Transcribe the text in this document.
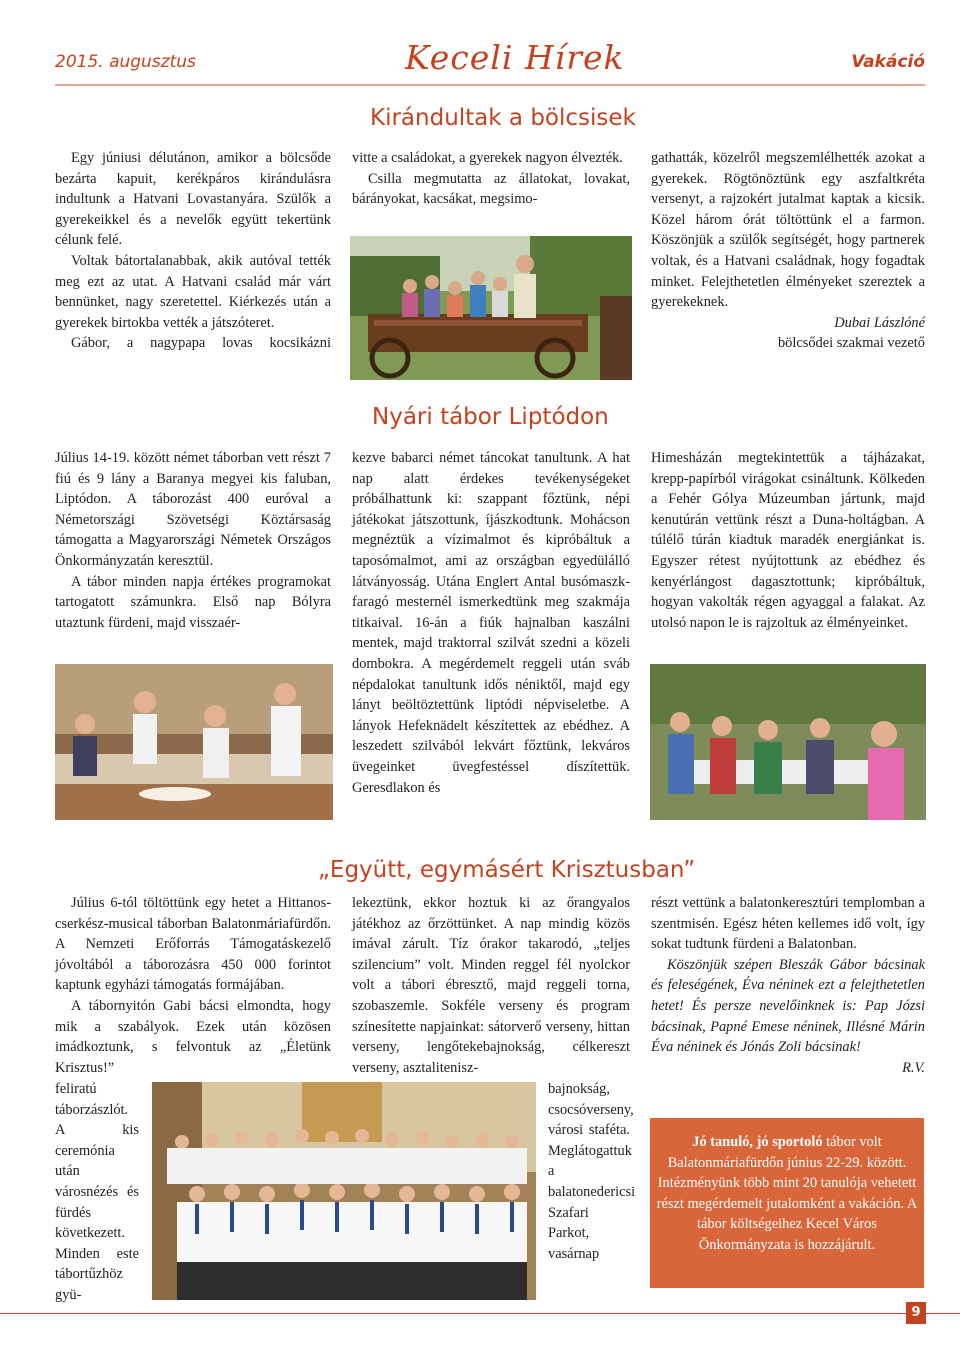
2015. augusztus	Keceli Hírek	Vakáció
Kirándultak a bölcsisek

Egy júniusi délutánon, amikor a bölcsőde bezárta kapuit, kerékpáros kirándulásra indultunk a Hatvani Lovastanyára. Szülők a gyerekeikkel és a nevelők együtt tekertünk célunk felé.

Voltak bátortalanabbak, akik autóval tették meg ezt az utat. A Hatvani család már várt bennünket, nagy szeretettel. Kiérkezés után a gyerekek birtokba vették a játszóteret.

Gábor, a nagypapa lovas kocsikázni

vitte a családokat, a gyerekek nagyon élvezték.

Csilla megmutatta az állatokat, lovakat, bárányokat, kacsákat, megsimo-

gathatták, közelről megszemlélhették azokat a gyerekek. Rögtönöztünk egy aszfaltkréta versenyt, a rajzokért jutalmat kaptak a kicsik. Közel három órát töltöttünk el a farmon. Köszönjük a szülők segítségét, hogy partnerek voltak, és a Hatvani családnak, hogy fogadtak minket. Felejthetetlen élményeket szereztek a gyerekeknek.

Dubai Lászlóné

bölcsődei szakmai vezető

Nyári tábor Liptódon

Július 14-19. között német táborban vett részt 7 fiú és 9 lány a Baranya megyei kis faluban, Liptódon. A táborozást 400 euróval a Németországi Szövetségi Köztársaság támogatta a Magyarországi Németek Országos Önkormányzatán keresztül.

A tábor minden napja értékes programokat tartogatott számunkra. Első nap Bólyra utaztunk fürdeni, majd visszaér-

kezve babarci német táncokat tanultunk. A hat nap alatt érdekes tevékenységeket próbálhattunk ki: szappant főztünk, népi játékokat játszottunk, íjászkodtunk. Mohácson megnéztük a vízimalmot és kipróbáltuk a taposómalmot, ami az országban egyedülálló látványosság. Utána Englert Antal busómaszk-faragó mesternél ismerkedtünk meg szakmája titkaival. 16-án a fiúk hajnalban kaszálni mentek, majd traktorral szilvát szedni a közeli dombokra. A megérdemelt reggeli után sváb népdalokat tanultunk idős néniktől, majd egy lányt beöltöztettünk liptódi népviseletbe. A lányok Hefeknädelt készítettek az ebédhez. A leszedett szilvából lekvárt főztünk, lekváros üvegeinket üvegfestéssel díszítettük. Geresdlakon és

Himesházán megtekintettük a tájházakat, krepp-papírból virágokat csináltunk. Kölkeden a Fehér Gólya Múzeumban jártunk, majd kenutúrán vettünk részt a Duna-holtágban. A túlélő túrán kiadtuk maradék energiánkat is. Egyszer rétest nyújtottunk az ebédhez és kenyérlángost dagasztottunk; kipróbáltuk, hogyan vakolták régen agyaggal a falakat. Az utolsó napon le is rajzoltuk az élményeinket.

„Együtt, egymásért Krisztusban”

Július 6-tól töltöttünk egy hetet a Hittanos-cserkész-musical táborban Balatonmáriafürdőn. A Nemzeti Erőforrás Támogatáskezelő jóvoltából a táborozásra 450 000 forintot kaptunk egyházi támogatás formájában.

A tábornyitón Gabi bácsi elmondta, hogy mik a szabályok. Ezek után közösen imádkoztunk, s felvontuk az „Életünk Krisztus!”

feliratú táborzászlót. A kis ceremónia után városnézés és fürdés következett. Minden este tábortűzhöz gyü-

lekeztünk, ekkor hoztuk ki az őrangyalos játékhoz az őrzöttünket. A nap mindig közös imával zárult. Tíz órakor takarodó, „teljes szilencium” volt. Minden reggel fél nyolckor volt a tábori ébresztő, majd reggeli torna, szobaszemle. Sokféle verseny és program színesítette napjainkat: sátorverő verseny, hittan verseny, lengőtekebajnokság, célkereszt verseny, asztalitenisz-

bajnokság, csocsóverseny, városi staféta. Meglátogattuk a balatonedericsi Szafari Parkot, vasárnap

részt vettünk a balatonkeresztúri templomban a szentmisén. Egész héten kellemes idő volt, így sokat tudtunk fürdeni a Balatonban.

Köszönjük szépen Bleszák Gábor bácsinak és feleségének, Éva néninek ezt a felejthetetlen hetet! És persze nevelőinknek is: Pap Józsi bácsinak, Papné Emese néninek, Illésné Márin Éva néninek és Jónás Zoli bácsinak!

R.V.

Jó tanuló, jó sportoló tábor volt Balatonmáriafürdőn június 22-29. között. Intézményünk több mint 20 tanulója vehetett részt megérdemelt jutalomként a vakáción. A tábor költségeihez Kecel Város Önkormányzata is hozzájárult.
9
